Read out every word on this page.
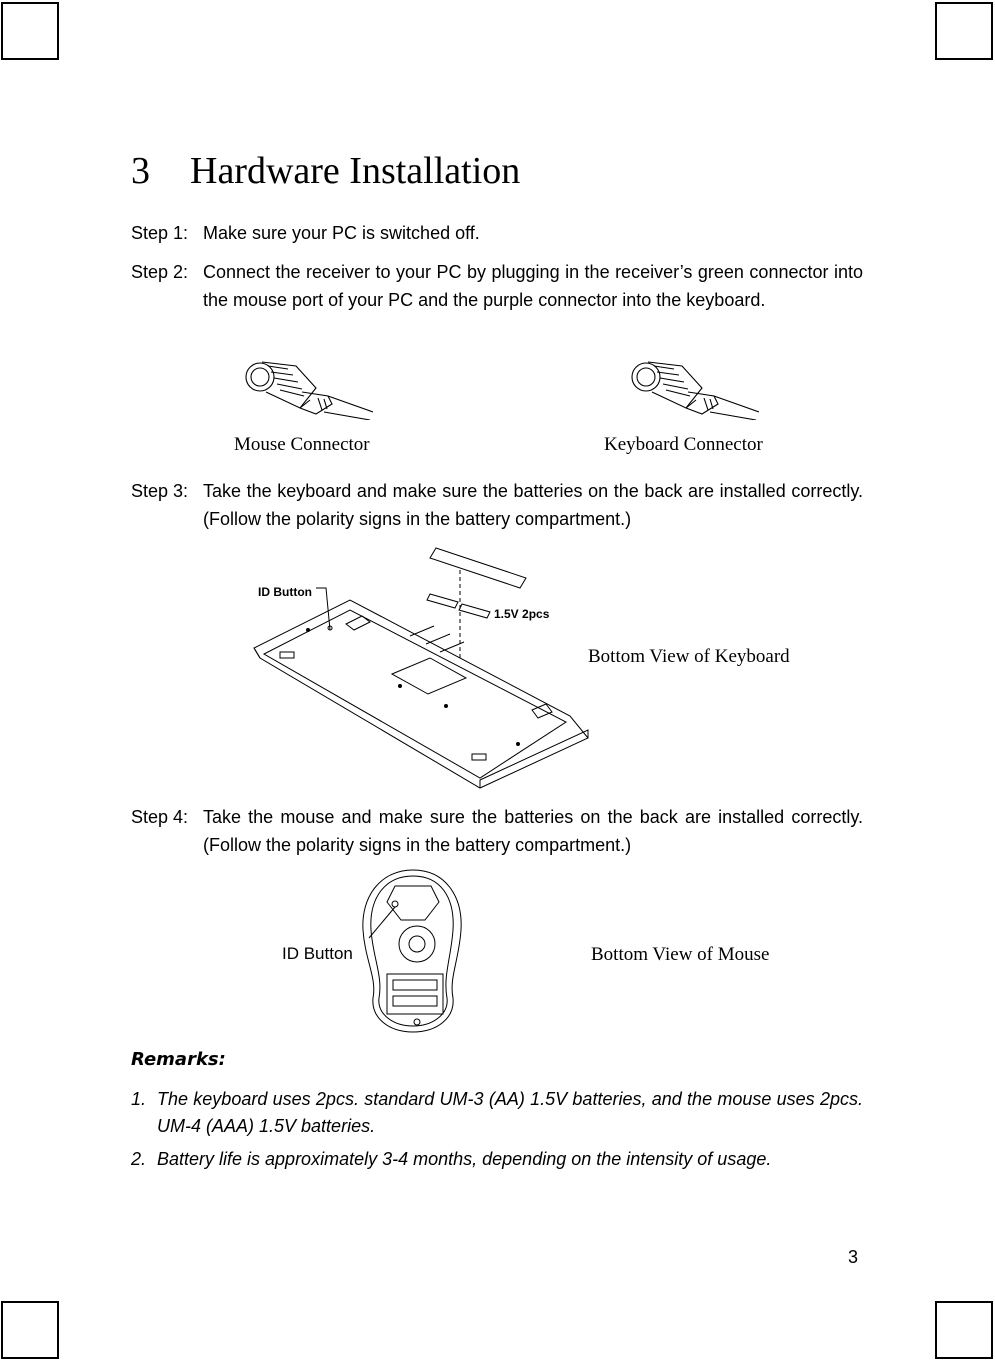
3 Hardware Installation
Step 1: Make sure your PC is switched off.
Step 2: Connect the receiver to your PC by plugging in the receiver’s green connector into the mouse port of your PC and the purple connector into the keyboard.
Mouse Connector	Keyboard Connector
Step 3: Take the keyboard and make sure the batteries on the back are installed correctly. (Follow the polarity signs in the battery compartment.)
ID Button
1.5V 2pcs
Bottom View of Keyboard
Step 4: Take the mouse and make sure the batteries on the back are installed correctly. (Follow the polarity signs in the battery compartment.)
ID Button	Bottom View of Mouse
Remarks:
1. The keyboard uses 2pcs. standard UM-3 (AA) 1.5V batteries, and the mouse uses 2pcs. UM-4 (AAA) 1.5V batteries.
2. Battery life is approximately 3-4 months, depending on the intensity of usage.
3
